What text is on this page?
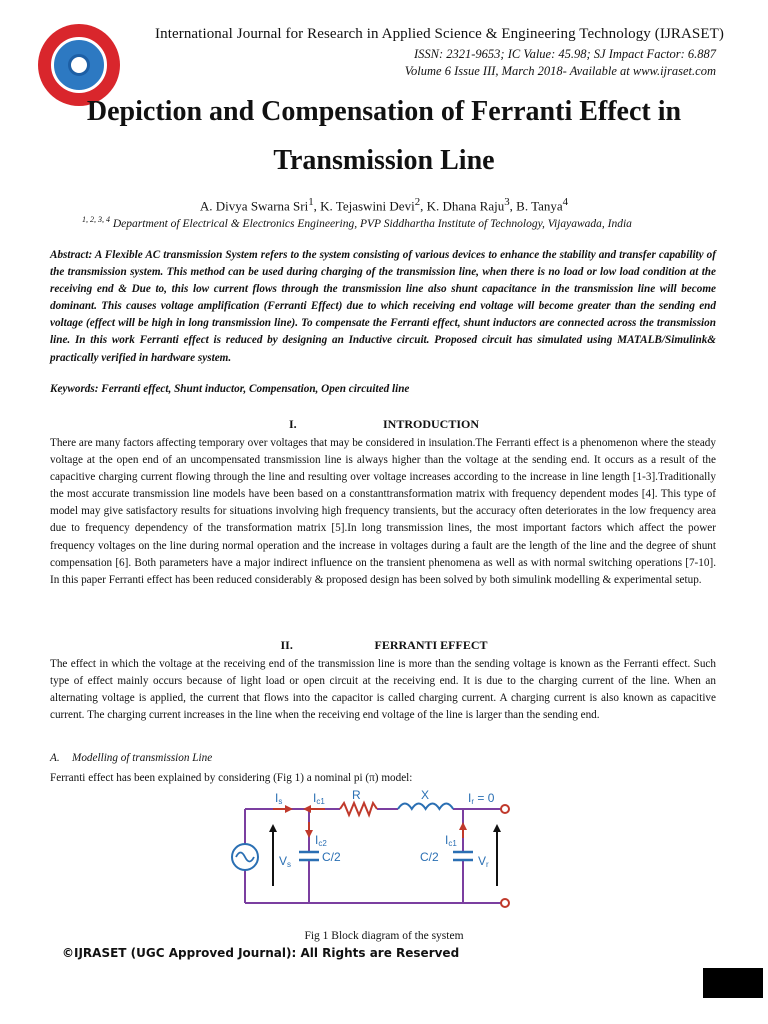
International Journal for Research in Applied Science & Engineering Technology (IJRASET)
ISSN: 2321-9653; IC Value: 45.98; SJ Impact Factor: 6.887
Volume 6 Issue III, March 2018- Available at www.ijraset.com
Depiction and Compensation of Ferranti Effect in
Transmission Line
A. Divya Swarna Sri$^1$, K. Tejaswini Devi$^2$, K. Dhana Raju$^3$, B. Tanya$^4$
$^{1, 2, 3, 4}$ Department of Electrical & Electronics Engineering, PVP Siddhartha Institute of Technology, Vijayawada, India
Abstract: A Flexible AC transmission System refers to the system consisting of various devices to enhance the stability and transfer capability of the transmission system. This method can be used during charging of the transmission line, when there is no load or low load condition at the receiving end & Due to, this low current flows through the transmission line also shunt capacitance in the transmission line will become dominant. This causes voltage amplification (Ferranti Effect) due to which receiving end voltage will become greater than the sending end voltage (effect will be high in long transmission line). To compensate the Ferranti effect, shunt inductors are connected across the transmission line. In this work Ferranti effect is reduced by designing an Inductive circuit. Proposed circuit has simulated using MATALB/Simulink& practically verified in hardware system.
Keywords: Ferranti effect, Shunt inductor, Compensation, Open circuited line
I.	INTRODUCTION
There are many factors affecting temporary over voltages that may be considered in insulation.The Ferranti effect is a phenomenon where the steady voltage at the open end of an uncompensated transmission line is always higher than the voltage at the sending end. It occurs as a result of the capacitive charging current flowing through the line and resulting over voltage increases according to the increase in line length [1-3].Traditionally the most accurate transmission line models have been based on a constanttransformation matrix with frequency dependent modes [4]. This type of model may give satisfactory results for situations involving high frequency transients, but the accuracy often deteriorates in the low frequency area due to frequency dependency of the transformation matrix [5].In long transmission lines, the most important factors which affect the power frequency voltages on the line during normal operation and the increase in voltages during a fault are the length of the line and the degree of shunt compensation [6]. Both parameters have a major indirect influence on the transient phenomena as well as with normal switching operations [7-10]. In this paper Ferranti effect has been reduced considerably & proposed design has been solved by both simulink modelling & experimental setup.
II.	FERRANTI EFFECT
The effect in which the voltage at the receiving end of the transmission line is more than the sending voltage is known as the Ferranti effect. Such type of effect mainly occurs because of light load or open circuit at the receiving end. It is due to the charging current of the line. When an alternating voltage is applied, the current that flows into the capacitor is called charging current. A charging current is also known as capacitive current. The charging current increases in the line when the receiving end voltage of the line is larger than the sending end.
A. Modelling of transmission Line
Ferranti effect has been explained by considering (Fig 1) a nominal pi (π) model:
Is	Ic1 R	X	Ir = 0
Ic2
C/2
Vs
Ic1
C/2	Vr
Fig 1 Block diagram of the system
©IJRASET (UGC Approved Journal): All Rights are Reserved
